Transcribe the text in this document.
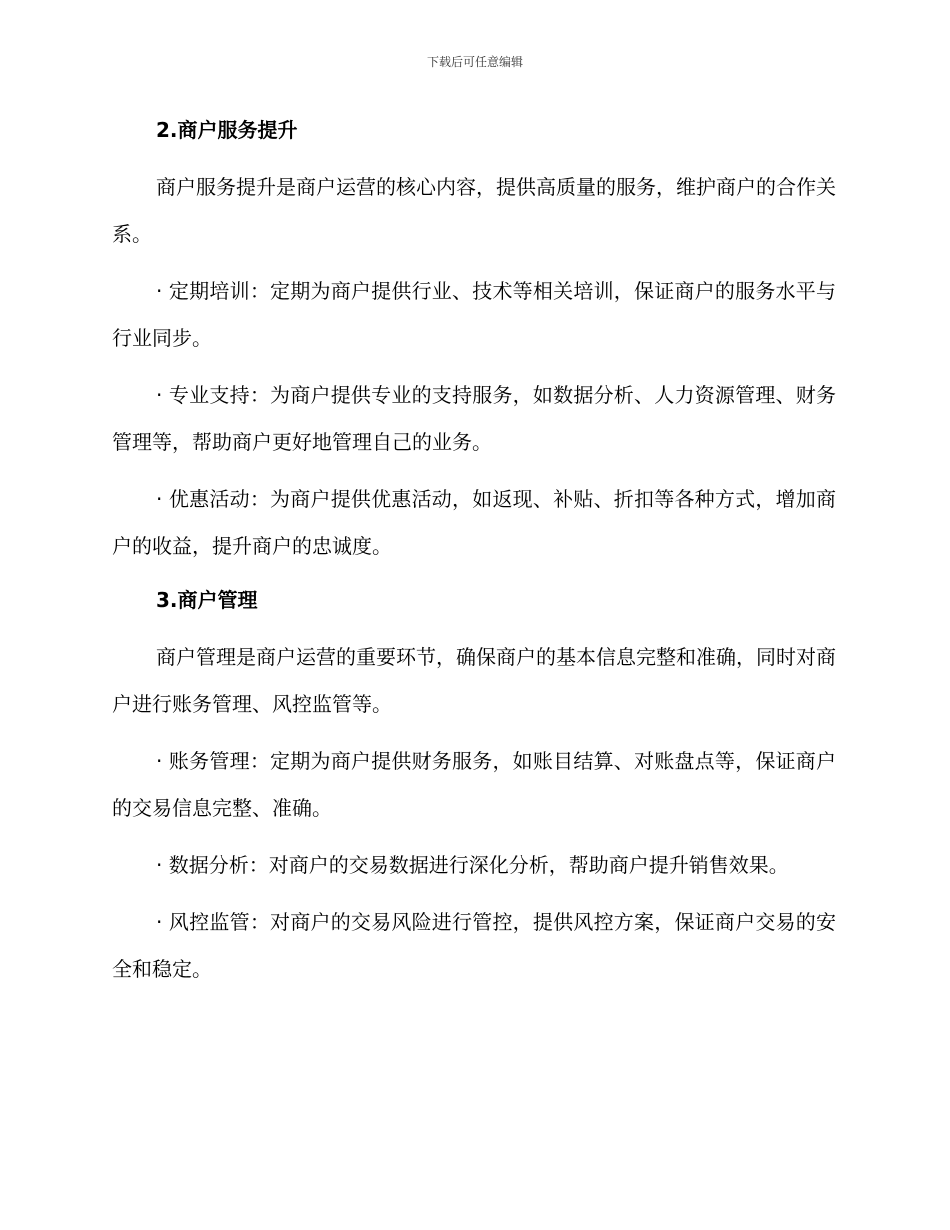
下载后可任意编辑
2.商户服务提升

商户服务提升是商户运营的核心内容，提供高质量的服务，维护商户的合作关系。

· 定期培训：定期为商户提供行业、技术等相关培训，保证商户的服务水平与行业同步。

· 专业支持：为商户提供专业的支持服务，如数据分析、人力资源管理、财务管理等，帮助商户更好地管理自己的业务。

· 优惠活动：为商户提供优惠活动，如返现、补贴、折扣等各种方式，增加商户的收益，提升商户的忠诚度。

3.商户管理

商户管理是商户运营的重要环节，确保商户的基本信息完整和准确，同时对商户进行账务管理、风控监管等。

· 账务管理：定期为商户提供财务服务，如账目结算、对账盘点等，保证商户的交易信息完整、准确。

· 数据分析：对商户的交易数据进行深化分析，帮助商户提升销售效果。

· 风控监管：对商户的交易风险进行管控，提供风控方案，保证商户交易的安全和稳定。
